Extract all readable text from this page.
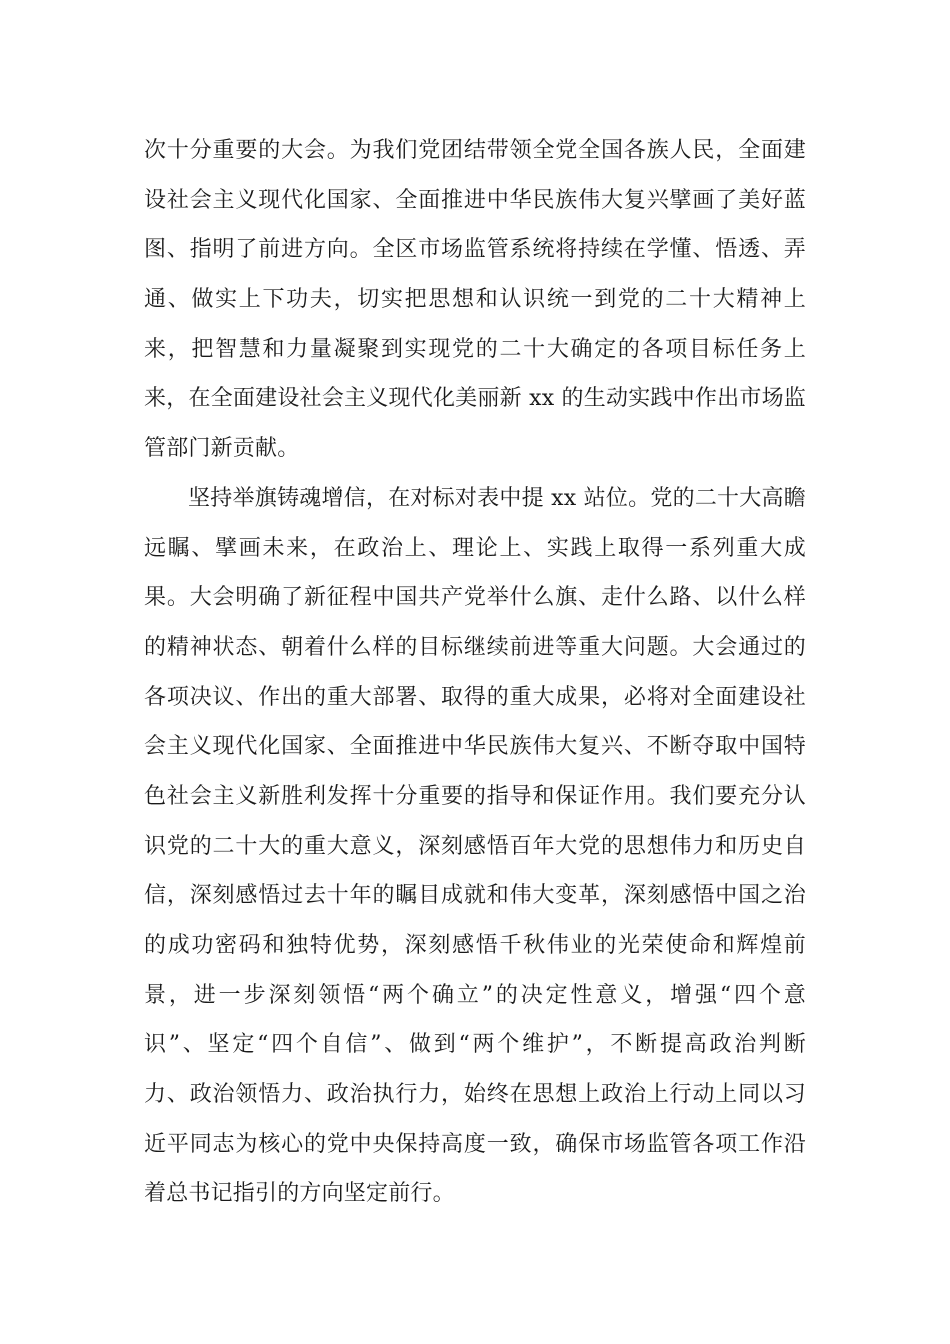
次十分重要的大会。为我们党团结带领全党全国各族人民，全面建
设社会主义现代化国家、全面推进中华民族伟大复兴擘画了美好蓝
图、指明了前进方向。全区市场监管系统将持续在学懂、悟透、弄
通、做实上下功夫，切实把思想和认识统一到党的二十大精神上
来，把智慧和力量凝聚到实现党的二十大确定的各项目标任务上
来，在全面建设社会主义现代化美丽新 xx 的生动实践中作出市场监
管部门新贡献。
坚持举旗铸魂增信，在对标对表中提 xx 站位。党的二十大高瞻
远瞩、擘画未来，在政治上、理论上、实践上取得一系列重大成
果。大会明确了新征程中国共产党举什么旗、走什么路、以什么样
的精神状态、朝着什么样的目标继续前进等重大问题。大会通过的
各项决议、作出的重大部署、取得的重大成果，必将对全面建设社
会主义现代化国家、全面推进中华民族伟大复兴、不断夺取中国特
色社会主义新胜利发挥十分重要的指导和保证作用。我们要充分认
识党的二十大的重大意义，深刻感悟百年大党的思想伟力和历史自
信，深刻感悟过去十年的瞩目成就和伟大变革，深刻感悟中国之治
的成功密码和独特优势，深刻感悟千秋伟业的光荣使命和辉煌前
景，进一步深刻领悟“两个确立”的决定性意义，增强“四个意
识”、坚定“四个自信”、做到“两个维护”，不断提高政治判断
力、政治领悟力、政治执行力，始终在思想上政治上行动上同以习
近平同志为核心的党中央保持高度一致，确保市场监管各项工作沿
着总书记指引的方向坚定前行。
